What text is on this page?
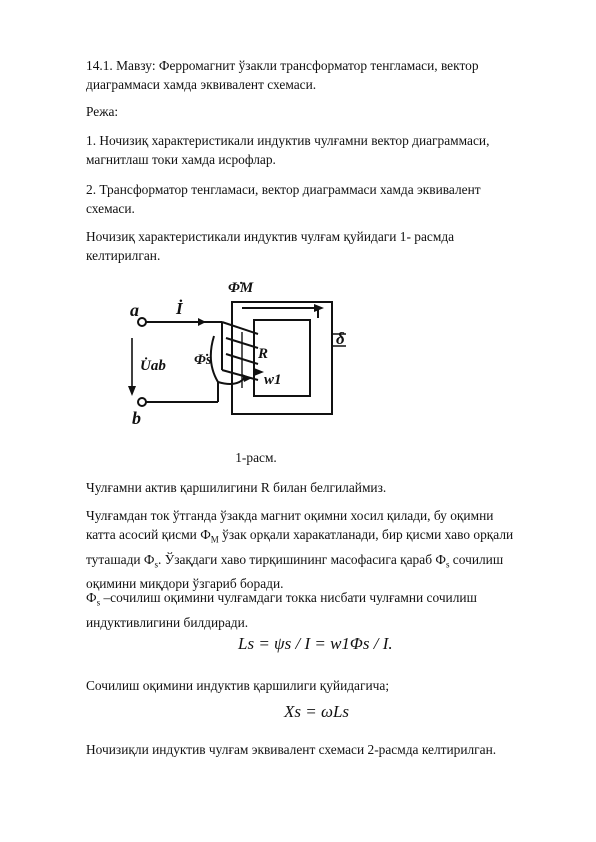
14.1. Мавзу: Ферромагнит ўзакли трансформатор тенгламаси, вектор диаграммаси хамда эквивалент схемаси.

Режа:

1. Ночизиқ характеристикали индуктив чулғамни вектор диаграммаси, магнитлаш токи хамда исрофлар.

2. Трансформатор тенгламаси, вектор диаграммаси хамда эквивалент схемаси.

Ночизиқ характеристикали индуктив чулғам қуйидаги 1- расмда келтирилган.

a
b
İ
U̇ab
Φ̇M
Φ̇s	R
w1
δ

1-расм.

Чулғамни актив қаршилигини R билан белгилаймиз.

Чулғамдан ток ўтганда ўзакда магнит оқимни хосил қилади, бу оқимни катта асосий қисми $Ф_М$ ўзак орқали харакатланади, бир қисми хаво орқали туташади $Ф_s$. Ўзақдаги хаво тирқишининг масофасига қараб $Ф_s$ сочилиш оқимини миқдори ўзгариб боради.

$Ф_s$ –сочилиш оқимини чулғамдаги токка нисбати чулғамни сочилиш индуктивлигини билдиради.

Ls = ψs / I = w1Φs / I.

Сочилиш оқимини индуктив қаршилиги қуйидагича;

Xs = ωLs

Ночизиқли индуктив чулғам эквивалент схемаси 2-расмда келтирилган.
